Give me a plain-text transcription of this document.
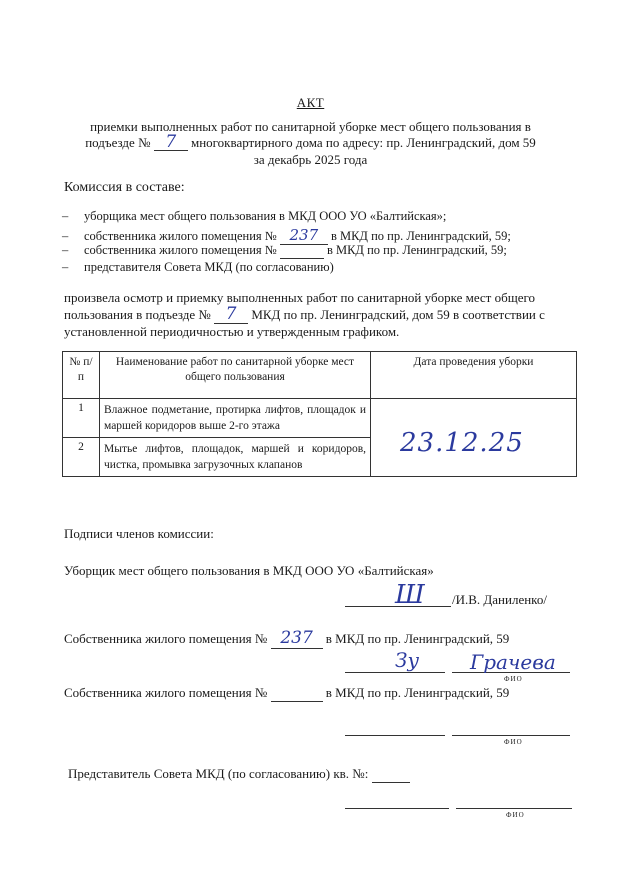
АКТ
приемки выполненных работ по санитарной уборке мест общего пользования в
подъезде № 7 многоквартирного дома по адресу: пр. Ленинградский, дом 59
за декабрь 2025 года
Комиссия в составе:
– уборщика мест общего пользования в МКД ООО УО «Балтийская»;
– собственника жилого помещения № 237 в МКД по пр. Ленинградский, 59;
– собственника жилого помещения №	в МКД по пр. Ленинградский, 59;
– представителя Совета МКД (по согласованию)
произвела осмотр и приемку выполненных работ по санитарной уборке мест общего
пользования в подъезде № 7 МКД по пр. Ленинградский, дом 59 в соответствии с
установленной периодичностью и утвержденным графиком.
№ п/п	Наименование работ по санитарной уборке мест общего пользования	Дата проведения уборки
1	Влажное подметание, протирка лифтов, площадок и маршей коридоров выше 2-го этажа	
2	Мытье лифтов, площадок, маршей и коридоров, чистка, промывка загрузочных клапанов	
23.12.25
Подписи членов комиссии:
Уборщик мест общего пользования в МКД ООО УО «Балтийская»
Ш /И.В. Даниленко/
Собственника жилого помещения № 237 в МКД по пр. Ленинградский, 59
Зу	Грачева
ФИО
Собственника жилого помещения №	в МКД по пр. Ленинградский, 59
ФИО
Представитель Совета МКД (по согласованию) кв. №:
ФИО
